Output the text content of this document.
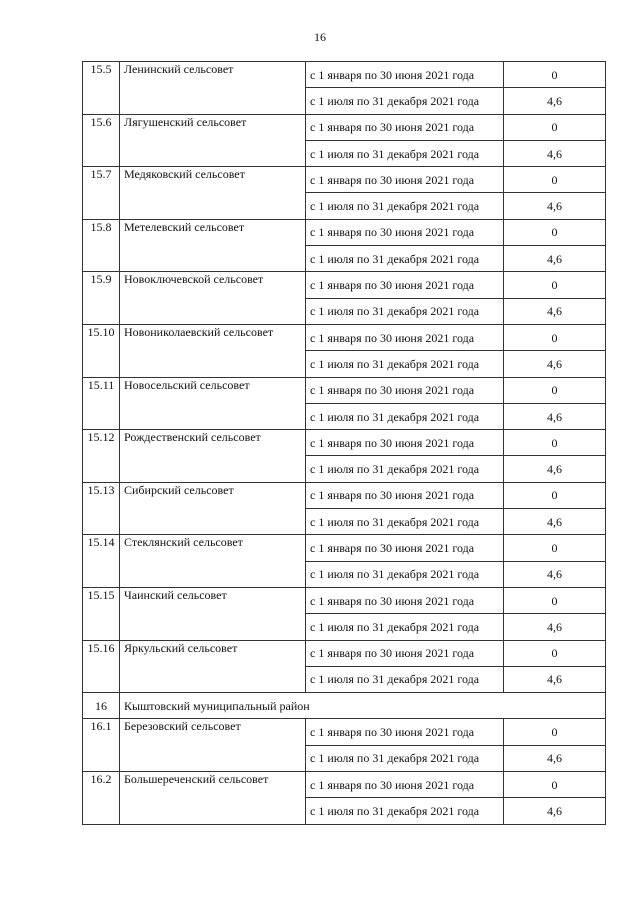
16
15.5	Ленинский сельсовет	с 1 января по 30 июня 2021 года	0
		с 1 июля по 31 декабря 2021 года	4,6
15.6	Лягушенский сельсовет	с 1 января по 30 июня 2021 года	0
		с 1 июля по 31 декабря 2021 года	4,6
15.7	Медяковский сельсовет	с 1 января по 30 июня 2021 года	0
		с 1 июля по 31 декабря 2021 года	4,6
15.8	Метелевский сельсовет	с 1 января по 30 июня 2021 года	0
		с 1 июля по 31 декабря 2021 года	4,6
15.9	Новоключевской сельсовет	с 1 января по 30 июня 2021 года	0
		с 1 июля по 31 декабря 2021 года	4,6
15.10	Новониколаевский сельсовет	с 1 января по 30 июня 2021 года	0
		с 1 июля по 31 декабря 2021 года	4,6
15.11	Новосельский сельсовет	с 1 января по 30 июня 2021 года	0
		с 1 июля по 31 декабря 2021 года	4,6
15.12	Рождественский сельсовет	с 1 января по 30 июня 2021 года	0
		с 1 июля по 31 декабря 2021 года	4,6
15.13	Сибирский сельсовет	с 1 января по 30 июня 2021 года	0
		с 1 июля по 31 декабря 2021 года	4,6
15.14	Стеклянский сельсовет	с 1 января по 30 июня 2021 года	0
		с 1 июля по 31 декабря 2021 года	4,6
15.15	Чаинский сельсовет	с 1 января по 30 июня 2021 года	0
		с 1 июля по 31 декабря 2021 года	4,6
15.16	Яркульский сельсовет	с 1 января по 30 июня 2021 года	0
		с 1 июля по 31 декабря 2021 года	4,6
16	Кыштовский муниципальный район		
16.1	Березовский сельсовет	с 1 января по 30 июня 2021 года	0
		с 1 июля по 31 декабря 2021 года	4,6
16.2	Большереченский сельсовет	с 1 января по 30 июня 2021 года	0
		с 1 июля по 31 декабря 2021 года	4,6
